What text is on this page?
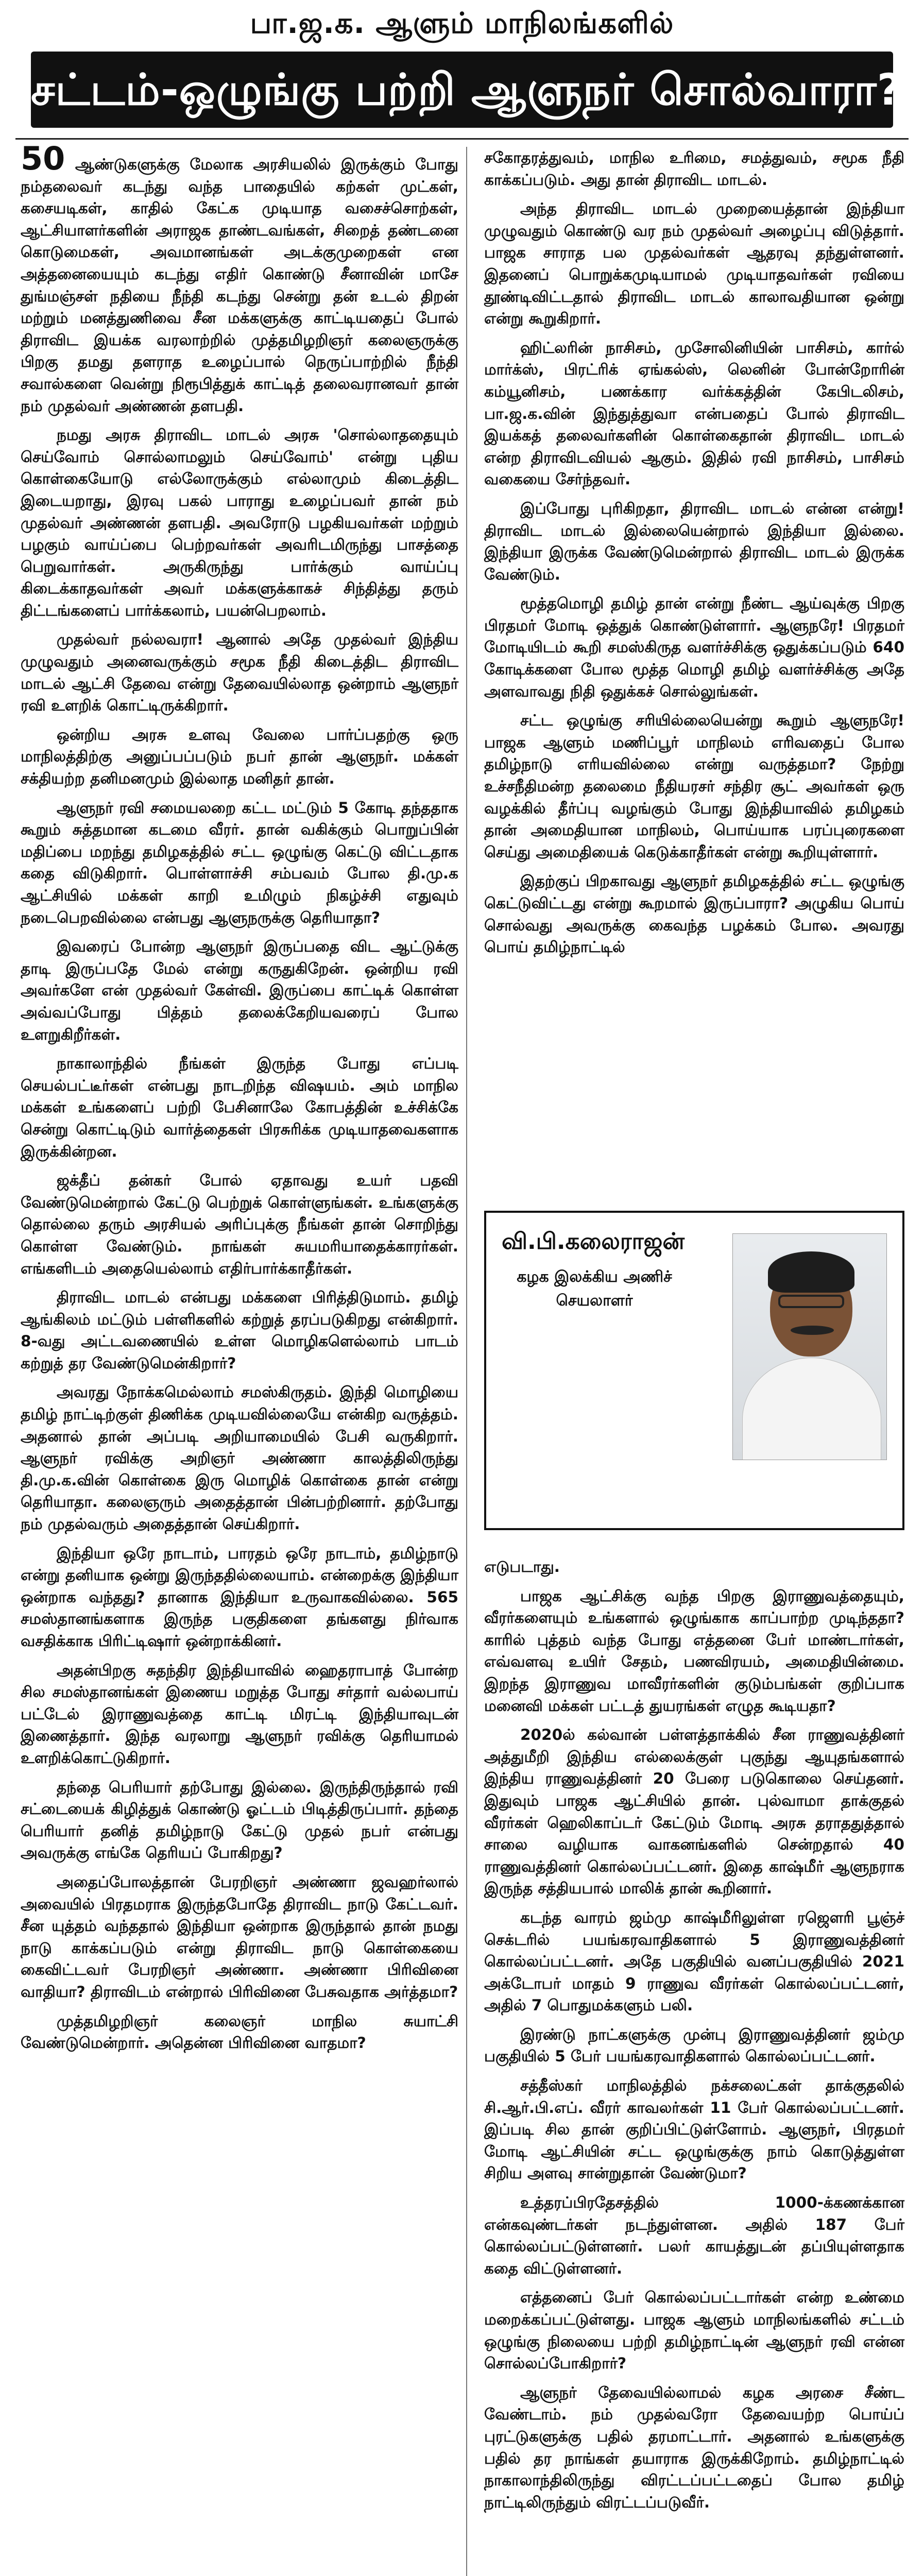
பா.ஜ.க. ஆளும் மாநிலங்களில்
சட்டம்-ஒழுங்கு பற்றி ஆளுநர் சொல்வாரா?

50 ஆண்டுகளுக்கு மேலாக அரசியலில் இருக்கும் போது நம்தலைவர் கடந்து வந்த பாதையில் கற்கள் முட்கள், கசையடிகள், காதில் கேட்க முடியாத வசைச்சொற்கள், ஆட்சியாளர்களின் அராஜக தாண்டவங்கள், சிறைத் தண்டனை கொடுமைகள், அவமானங்கள் அடக்குமுறைகள் என அத்தனையையும் கடந்து எதிர் கொண்டு சீனாவின் மாசே துங்மஞ்சள் நதியை நீந்தி கடந்து சென்று தன் உடல் திறன் மற்றும் மனத்துணிவை சீன மக்களுக்கு காட்டியதைப் போல் திராவிட இயக்க வரலாற்றில் முத்தமிழறிஞர் கலைஞருக்கு பிறகு தமது தளராத உழைப்பால் நெருப்பாற்றில் நீந்தி சவால்களை வென்று நிரூபித்துக் காட்டித் தலைவரானவர் தான் நம் முதல்வர் அண்ணன் தளபதி.

நமது அரசு திராவிட மாடல் அரசு 'சொல்லாததையும் செய்வோம் சொல்லாமலும் செய்வோம்' என்று புதிய கொள்கையோடு எல்லோருக்கும் எல்லாமும் கிடைத்திட இடையறாது, இரவு பகல் பாராது உழைப்பவர் தான் நம் முதல்வர் அண்ணன் தளபதி. அவரோடு பழகியவர்கள் மற்றும் பழகும் வாய்ப்பை பெற்றவர்கள் அவரிடமிருந்து பாசத்தை பெறுவார்கள். அருகிருந்து பார்க்கும் வாய்ப்பு கிடைக்காதவர்கள் அவர் மக்களுக்காகச் சிந்தித்து தரும் திட்டங்களைப் பார்க்கலாம், பயன்பெறலாம்.

முதல்வர் நல்லவரா! ஆனால் அதே முதல்வர் இந்திய முழுவதும் அனைவருக்கும் சமூக நீதி கிடைத்திட திராவிட மாடல் ஆட்சி தேவை என்று தேவையில்லாத ஒன்றாம் ஆளுநர் ரவி உளறிக் கொட்டிருக்கிறார்.

ஒன்றிய அரசு உளவு வேலை பார்ப்பதற்கு ஒரு மாநிலத்திற்கு அனுப்பப்படும் நபர் தான் ஆளுநர். மக்கள் சக்தியற்ற தனிமனமும் இல்லாத மனிதர் தான்.

ஆளுநர் ரவி சமையலறை கட்ட மட்டும் 5 கோடி தந்ததாக கூறும் சுத்தமான கடமை வீரர். தான் வகிக்கும் பொறுப்பின் மதிப்பை மறந்து தமிழகத்தில் சட்ட ஒழுங்கு கெட்டு விட்டதாக கதை விடுகிறார். பொள்ளாச்சி சம்பவம் போல தி.மு.க ஆட்சியில் மக்கள் காறி உமிழும் நிகழ்ச்சி எதுவும் நடைபெறவில்லை என்பது ஆளுநருக்கு தெரியாதா?

இவரைப் போன்ற ஆளுநர் இருப்பதை விட ஆட்டுக்கு தாடி இருப்பதே மேல் என்று கருதுகிறேன். ஒன்றிய ரவி அவர்களே என் முதல்வர் கேள்வி. இருப்பை காட்டிக் கொள்ள அவ்வப்போது பித்தம் தலைக்கேறியவரைப் போல உளறுகிறீர்கள்.

நாகாலாந்தில் நீங்கள் இருந்த போது எப்படி செயல்பட்டீர்கள் என்பது நாடறிந்த விஷயம். அம் மாநில மக்கள் உங்களைப் பற்றி பேசினாலே கோபத்தின் உச்சிக்கே சென்று கொட்டிடும் வார்த்தைகள் பிரசுரிக்க முடியாதவைகளாக இருக்கின்றன.

ஜக்தீப் தன்கர் போல் ஏதாவது உயர் பதவி வேண்டுமென்றால் கேட்டு பெற்றுக் கொள்ளுங்கள். உங்களுக்கு தொல்லை தரும் அரசியல் அரிப்புக்கு நீங்கள் தான் சொறிந்து கொள்ள வேண்டும். நாங்கள் சுயமரியாதைக்காரர்கள். எங்களிடம் அதையெல்லாம் எதிர்பார்க்காதீர்கள்.

திராவிட மாடல் என்பது மக்களை பிரித்திடுமாம். தமிழ் ஆங்கிலம் மட்டும் பள்ளிகளில் கற்றுத் தரப்படுகிறது என்கிறார். 8-வது அட்டவணையில் உள்ள மொழிகளெல்லாம் பாடம் கற்றுத் தர வேண்டுமென்கிறார்?

அவரது நோக்கமெல்லாம் சமஸ்கிருதம். இந்தி மொழியை தமிழ் நாட்டிற்குள் திணிக்க முடியவில்லையே என்கிற வருத்தம். அதனால் தான் அப்படி அறியாமையில் பேசி வருகிறார். ஆளுநர் ரவிக்கு அறிஞர் அண்ணா காலத்திலிருந்து தி.மு.க.வின் கொள்கை இரு மொழிக் கொள்கை தான் என்று தெரியாதா. கலைஞரும் அதைத்தான் பின்பற்றினார். தற்போது நம் முதல்வரும் அதைத்தான் செய்கிறார்.

இந்தியா ஒரே நாடாம், பாரதம் ஒரே நாடாம், தமிழ்நாடு என்று தனியாக ஒன்று இருந்ததில்லையாம். என்றைக்கு இந்தியா ஒன்றாக வந்தது? தானாக இந்தியா உருவாகவில்லை. 565 சமஸ்தானங்களாக இருந்த பகுதிகளை தங்களது நிர்வாக வசதிக்காக பிரிட்டிஷார் ஒன்றாக்கினர்.

அதன்பிறகு சுதந்திர இந்தியாவில் ஹைதராபாத் போன்ற சில சமஸ்தானங்கள் இணைய மறுத்த போது சர்தார் வல்லபாய் பட்டேல் இராணுவத்தை காட்டி மிரட்டி இந்தியாவுடன் இணைத்தார். இந்த வரலாறு ஆளுநர் ரவிக்கு தெரியாமல் உளறிக்கொட்டுகிறார்.

தந்தை பெரியார் தற்போது இல்லை. இருந்திருந்தால் ரவி சட்டையைக் கிழித்துக் கொண்டு ஓட்டம் பிடித்திருப்பார். தந்தை பெரியார் தனித் தமிழ்நாடு கேட்டு முதல் நபர் என்பது அவருக்கு எங்கே தெரியப் போகிறது?

அதைப்போலத்தான் பேரறிஞர் அண்ணா ஜவஹர்லால் அவையில் பிரதமராக இருந்தபோதே திராவிட நாடு கேட்டவர். சீன யுத்தம் வந்ததால் இந்தியா ஒன்றாக இருந்தால் தான் நமது நாடு காக்கப்படும் என்று திராவிட நாடு கொள்கையை கைவிட்டவர் பேரறிஞர் அண்ணா. அண்ணா பிரிவினை வாதியா? திராவிடம் என்றால் பிரிவினை பேசுவதாக அர்த்தமா?

முத்தமிழறிஞர் கலைஞர் மாநில சுயாட்சி வேண்டுமென்றார். அதென்ன பிரிவினை வாதமா?

சகோதரத்துவம், மாநில உரிமை, சமத்துவம், சமூக நீதி காக்கப்படும். அது தான் திராவிட மாடல்.

அந்த திராவிட மாடல் முறையைத்தான் இந்தியா முழுவதும் கொண்டு வர நம் முதல்வர் அழைப்பு விடுத்தார். பாஜக சாராத பல முதல்வர்கள் ஆதரவு தந்துள்ளனர். இதனைப் பொறுக்கமுடியாமல் முடியாதவர்கள் ரவியை தூண்டிவிட்டதால் திராவிட மாடல் காலாவதியான ஒன்று என்று கூறுகிறார்.

ஹிட்லரின் நாசிசம், முசோலினியின் பாசிசம், கார்ல் மார்க்ஸ், பிரட்ரிக் ஏங்கல்ஸ், லெனின் போன்றோரின் கம்யூனிசம், பணக்கார வர்க்கத்தின் கேபிடலிசம், பா.ஜ.க.வின் இந்துத்துவா என்பதைப் போல் திராவிட இயக்கத் தலைவர்களின் கொள்கைதான் திராவிட மாடல் என்ற திராவிடவியல் ஆகும். இதில் ரவி நாசிசம், பாசிசம் வகையை சேர்ந்தவர்.

இப்போது புரிகிறதா, திராவிட மாடல் என்ன என்று! திராவிட மாடல் இல்லையென்றால் இந்தியா இல்லை. இந்தியா இருக்க வேண்டுமென்றால் திராவிட மாடல் இருக்க வேண்டும்.

மூத்தமொழி தமிழ் தான் என்று நீண்ட ஆய்வுக்கு பிறகு பிரதமர் மோடி ஒத்துக் கொண்டுள்ளார். ஆளுநரே! பிரதமர் மோடியிடம் கூறி சமஸ்கிருத வளர்ச்சிக்கு ஒதுக்கப்படும் 640 கோடிக்களை போல மூத்த மொழி தமிழ் வளர்ச்சிக்கு அதே அளவாவது நிதி ஒதுக்கச் சொல்லுங்கள்.

சட்ட ஒழுங்கு சரியில்லையென்று கூறும் ஆளுநரே! பாஜக ஆளும் மணிப்பூர் மாநிலம் எரிவதைப் போல தமிழ்நாடு எரியவில்லை என்று வருத்தமா? நேற்று உச்சநீதிமன்ற தலைமை நீதியரசர் சந்திர சூட் அவர்கள் ஒரு வழக்கில் தீர்ப்பு வழங்கும் போது இந்தியாவில் தமிழகம் தான் அமைதியான மாநிலம், பொய்யாக பரப்புரைகளை செய்து அமைதியைக் கெடுக்காதீர்கள் என்று கூறியுள்ளார்.

இதற்குப் பிறகாவது ஆளுநர் தமிழகத்தில் சட்ட ஒழுங்கு கெட்டுவிட்டது என்று கூறமால் இருப்பாரா? அழுகிய பொய் சொல்வது அவருக்கு கைவந்த பழக்கம் போல. அவரது பொய் தமிழ்நாட்டில்

வி.பி.கலைராஜன்
கழக இலக்கிய அணிச் செயலாளர்

எடுபடாது.

பாஜக ஆட்சிக்கு வந்த பிறகு இராணுவத்தையும், வீரர்களையும் உங்களால் ஒழுங்காக காப்பாற்ற முடிந்ததா? காரில் புத்தம் வந்த போது எத்தனை பேர் மாண்டார்கள், எவ்வளவு உயிர் சேதம், பணவிரயம், அமைதியின்மை. இறந்த இராணுவ மாவீரர்களின் குடும்பங்கள் குறிப்பாக மனைவி மக்கள் பட்டத் துயரங்கள் எழுத கூடியதா?

2020ல் கல்வான் பள்ளத்தாக்கில் சீன ராணுவத்தினர் அத்துமீறி இந்திய எல்லைக்குள் புகுந்து ஆயுதங்களால் இந்திய ராணுவத்தினர் 20 பேரை படுகொலை செய்தனர். இதுவும் பாஜக ஆட்சியில் தான். புல்வாமா தாக்குதல் வீரர்கள் ஹெலிகாப்டர் கேட்டும் மோடி அரசு தராததுத்தால் சாலை வழியாக வாகனங்களில் சென்றதால் 40 ராணுவத்தினர் கொல்லப்பட்டனர். இதை காஷ்மீர் ஆளுநராக இருந்த சத்தியபால் மாலிக் தான் கூறினார்.

கடந்த வாரம் ஜம்மு காஷ்மீரிலுள்ள ரஜௌரி பூஞ்ச் செக்டரில் பயங்கரவாதிகளால் 5 இராணுவத்தினர் கொல்லப்பட்டனர். அதே பகுதியில் வனப்பகுதியில் 2021 அக்டோபர் மாதம் 9 ராணுவ வீரர்கள் கொல்லப்பட்டனர், அதில் 7 பொதுமக்களும் பலி.

இரண்டு நாட்களுக்கு முன்பு இராணுவத்தினர் ஜம்மு பகுதியில் 5 பேர் பயங்கரவாதிகளால் கொல்லப்பட்டனர்.

சத்தீஸ்கர் மாநிலத்தில் நக்சலைட்கள் தாக்குதலில் சி.ஆர்.பி.எப். வீரர் காவலர்கள் 11 பேர் கொல்லப்பட்டனர். இப்படி சில தான் குறிப்பிட்டுள்ளோம். ஆளுநர், பிரதமர் மோடி ஆட்சியின் சட்ட ஒழுங்குக்கு நாம் கொடுத்துள்ள சிறிய அளவு சான்றுதான் வேண்டுமா?

உத்தரப்பிரதேசத்தில் 1000-க்கணக்கான என்கவுண்டர்கள் நடந்துள்ளன. அதில் 187 பேர் கொல்லப்பட்டுள்ளனர். பலர் காயத்துடன் தப்பியுள்ளதாக கதை விட்டுள்ளனர்.

எத்தனைப் பேர் கொல்லப்பட்டார்கள் என்ற உண்மை மறைக்கப்பட்டுள்ளது. பாஜக ஆளும் மாநிலங்களில் சட்டம் ஒழுங்கு நிலையை பற்றி தமிழ்நாட்டின் ஆளுநர் ரவி என்ன சொல்லப்போகிறார்?

ஆளுநர் தேவையில்லாமல் கழக அரசை சீண்ட வேண்டாம். நம் முதல்வரோ தேவையற்ற பொய்ப் புரட்டுகளுக்கு பதில் தரமாட்டார். அதனால் உங்களுக்கு பதில் தர நாங்கள் தயாராக இருக்கிறோம். தமிழ்நாட்டில் நாகாலாந்திலிருந்து விரட்டப்பட்டதைப் போல தமிழ் நாட்டிலிருந்தும் விரட்டப்படுவீர்.
